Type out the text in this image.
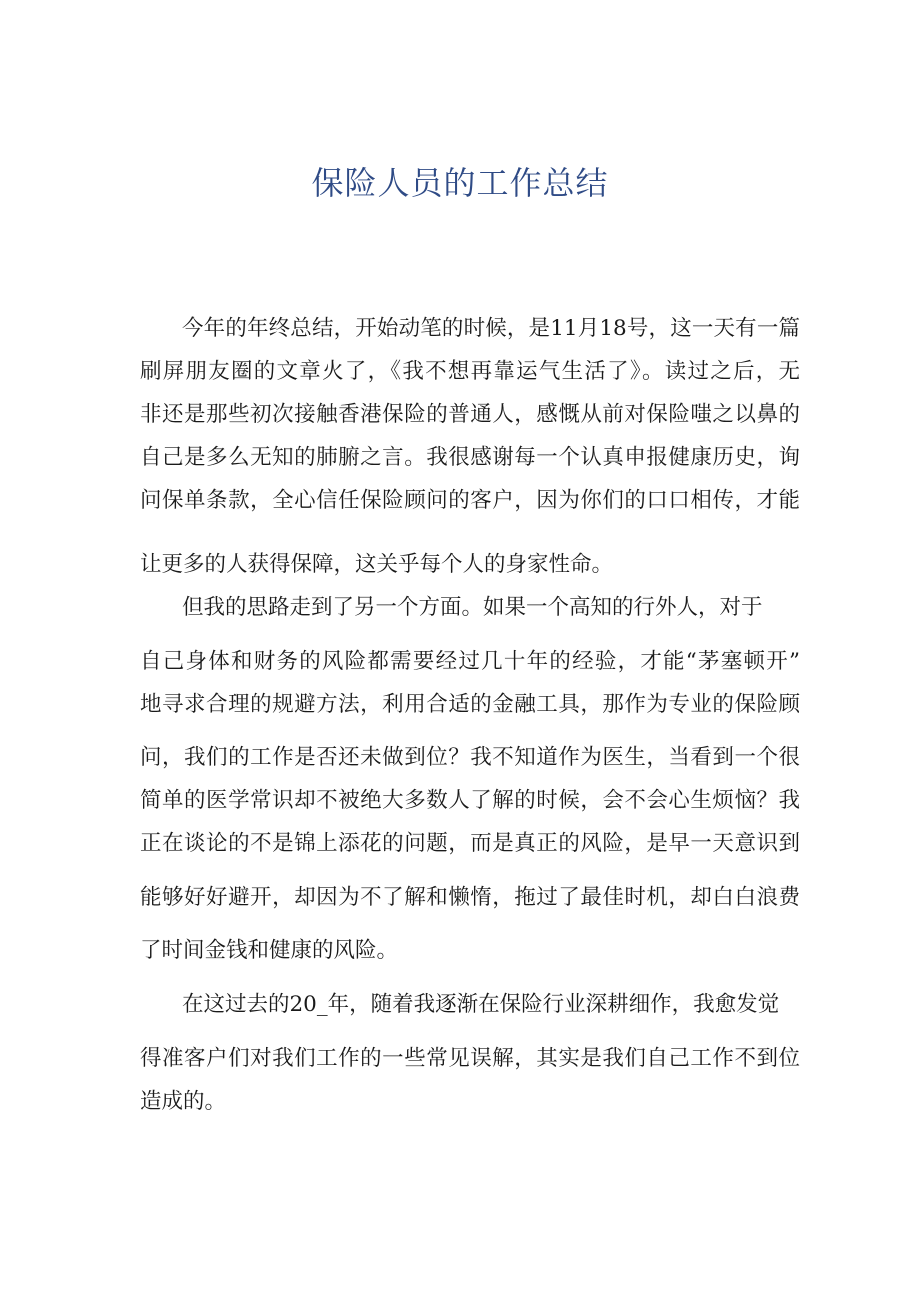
保险人员的工作总结

今年的年终总结，开始动笔的时候，是11月18号，这一天有一篇

刷屏朋友圈的文章火了，《我不想再靠运气生活了》。读过之后，无

非还是那些初次接触香港保险的普通人，感慨从前对保险嗤之以鼻的

自己是多么无知的肺腑之言。我很感谢每一个认真申报健康历史，询

问保单条款，全心信任保险顾问的客户，因为你们的口口相传，才能

让更多的人获得保障，这关乎每个人的身家性命。

但我的思路走到了另一个方面。如果一个高知的行外人，对于

自己身体和财务的风险都需要经过几十年的经验，才能“茅塞顿开”

地寻求合理的规避方法，利用合适的金融工具，那作为专业的保险顾

问，我们的工作是否还未做到位？我不知道作为医生，当看到一个很

简单的医学常识却不被绝大多数人了解的时候，会不会心生烦恼？我

正在谈论的不是锦上添花的问题，而是真正的风险，是早一天意识到

能够好好避开，却因为不了解和懒惰，拖过了最佳时机，却白白浪费

了时间金钱和健康的风险。

在这过去的20_年，随着我逐渐在保险行业深耕细作，我愈发觉

得准客户们对我们工作的一些常见误解，其实是我们自己工作不到位

造成的。
